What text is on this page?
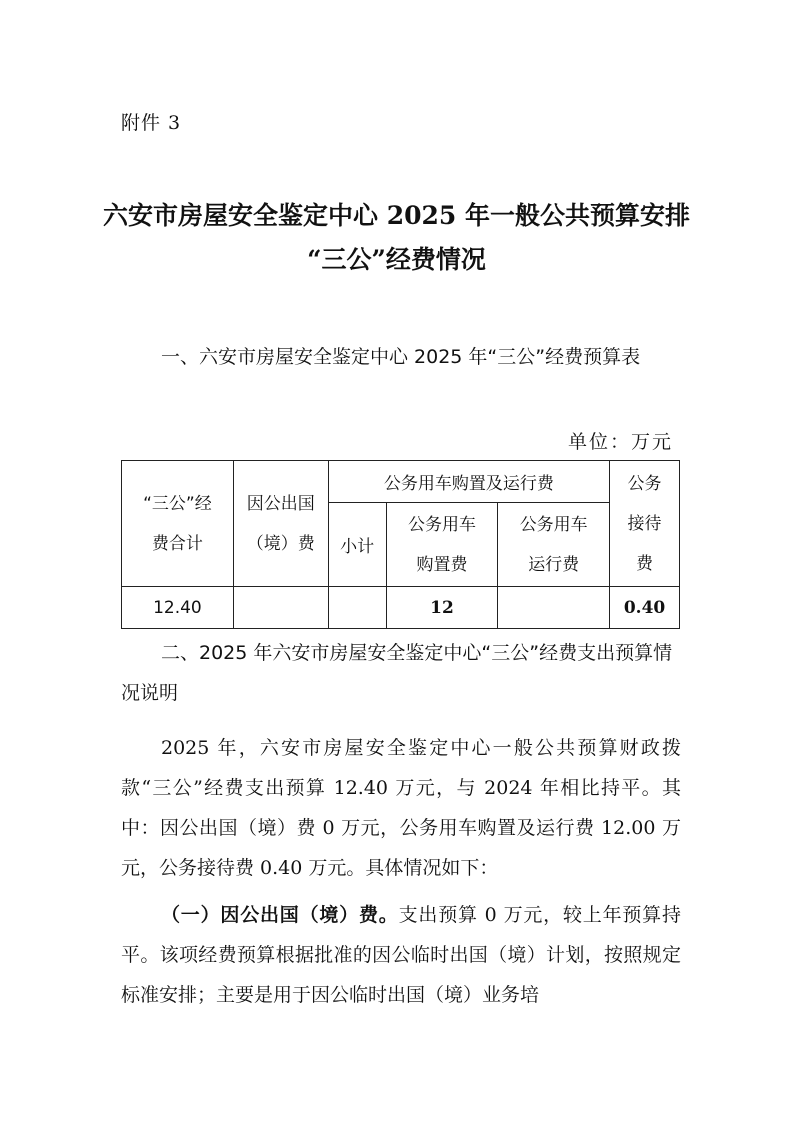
附件 3
六安市房屋安全鉴定中心 2025 年一般公共预算安排
“三公”经费情况
一、六安市房屋安全鉴定中心 2025 年“三公”经费预算表
单位：万元
“三公”经费合计	因公出国（境）费	公务用车购置及运行费			公务接待费
		小计	公务用车购置费	公务用车运行费	
12.40			12		0.40
二、2025 年六安市房屋安全鉴定中心“三公”经费支出预算情况说明
2025 年，六安市房屋安全鉴定中心一般公共预算财政拨款“三公”经费支出预算 12.40 万元，与 2024 年相比持平。其中：因公出国（境）费 0 万元，公务用车购置及运行费 12.00 万元，公务接待费 0.40 万元。具体情况如下：
（一）因公出国（境）费。支出预算 0 万元，较上年预算持平。该项经费预算根据批准的因公临时出国（境）计划，按照规定标准安排；主要是用于因公临时出国（境）业务培
